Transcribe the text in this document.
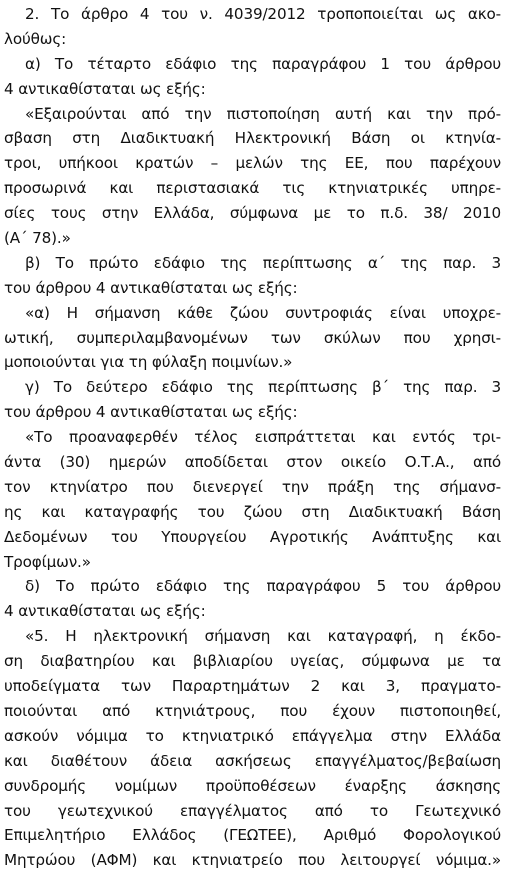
2. Το άρθρο 4 του ν. 4039/2012 τροποποιείται ως ακο-
λούθως:
α) Το τέταρτο εδάφιο της παραγράφου 1 του άρθρου
4 αντικαθίσταται ως εξής:
«Εξαιρούνται από την πιστοποίηση αυτή και την πρό-
σβαση στη Διαδικτυακή Ηλεκτρονική Βάση οι κτηνία-
τροι, υπήκοοι κρατών – μελών της ΕΕ, που παρέχουν
προσωρινά και περιστασιακά τις κτηνιατρικές υπηρε-
σίες τους στην Ελλάδα, σύμφωνα με το π.δ. 38/ 2010
(Α΄ 78).»
β) Το πρώτο εδάφιο της περίπτωσης α΄ της παρ. 3
του άρθρου 4 αντικαθίσταται ως εξής:
«α) Η σήμανση κάθε ζώου συντροφιάς είναι υποχρε-
ωτική, συμπεριλαμβανομένων των σκύλων που χρησι-
μοποιούνται για τη φύλαξη ποιμνίων.»
γ) Το δεύτερο εδάφιο της περίπτωσης β΄ της παρ. 3
του άρθρου 4 αντικαθίσταται ως εξής:
«Το προαναφερθέν τέλος εισπράττεται και εντός τρι-
άντα (30) ημερών αποδίδεται στον οικείο Ο.Τ.Α., από
τον κτηνίατρο που διενεργεί την πράξη της σήμανσ-
ης και καταγραφής του ζώου στη Διαδικτυακή Βάση
Δεδομένων του Υπουργείου Αγροτικής Ανάπτυξης και
Τροφίμων.»
δ) Το πρώτο εδάφιο της παραγράφου 5 του άρθρου
4 αντικαθίσταται ως εξής:
«5. Η ηλεκτρονική σήμανση και καταγραφή, η έκδο-
ση διαβατηρίου και βιβλιαρίου υγείας, σύμφωνα με τα
υποδείγματα των Παραρτημάτων 2 και 3, πραγματο-
ποιούνται από κτηνιάτρους, που έχουν πιστοποιηθεί,
ασκούν νόμιμα το κτηνιατρικό επάγγελμα στην Ελλάδα
και διαθέτουν άδεια ασκήσεως επαγγέλματος/βεβαίωση
συνδρομής νομίμων προϋποθέσεων έναρξης άσκησης
του γεωτεχνικού επαγγέλματος από το Γεωτεχνικό
Επιμελητήριο Ελλάδος (ΓΕΩΤΕΕ), Αριθμό Φορολογικού
Μητρώου (ΑΦΜ) και κτηνιατρείο που λειτουργεί νόμιμα.»
